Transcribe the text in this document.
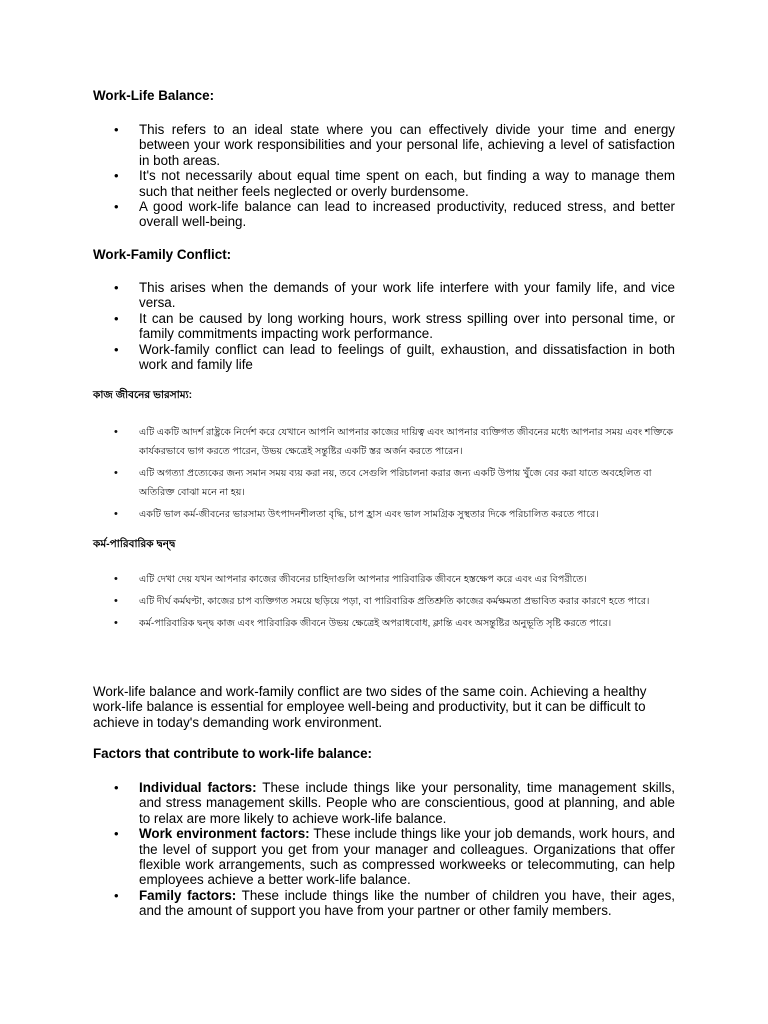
Work-Life Balance:
• This refers to an ideal state where you can effectively divide your time and energy between your work responsibilities and your personal life, achieving a level of satisfaction in both areas.
• It's not necessarily about equal time spent on each, but finding a way to manage them such that neither feels neglected or overly burdensome.
• A good work-life balance can lead to increased productivity, reduced stress, and better overall well-being.
Work-Family Conflict:
• This arises when the demands of your work life interfere with your family life, and vice versa.
• It can be caused by long working hours, work stress spilling over into personal time, or family commitments impacting work performance.
• Work-family conflict can lead to feelings of guilt, exhaustion, and dissatisfaction in both work and family life
কাজ জীবনের ভারসাম্য:
• এটি একটি আদর্শ রাষ্ট্রকে নির্দেশ করে যেখানে আপনি আপনার কাজের দায়িত্ব এবং আপনার ব্যক্তিগত জীবনের মধ্যে আপনার সময় এবং শক্তিকে কার্যকরভাবে ভাগ করতে পারেন, উভয় ক্ষেত্রেই সন্তুষ্টির একটি স্তর অর্জন করতে পারেন।
• এটি অগত্যা প্রত্যেকের জন্য সমান সময় ব্যয় করা নয়, তবে সেগুলি পরিচালনা করার জন্য একটি উপায় খুঁজে বের করা যাতে অবহেলিত বা অতিরিক্ত বোঝা মনে না হয়।
• একটি ভাল কর্ম-জীবনের ভারসাম্য উৎপাদনশীলতা বৃদ্ধি, চাপ হ্রাস এবং ভাল সামগ্রিক সুস্থতার দিকে পরিচালিত করতে পারে।
কর্ম-পারিবারিক দ্বন্দ্ব
• এটি দেখা দেয় যখন আপনার কাজের জীবনের চাহিদাগুলি আপনার পারিবারিক জীবনে হস্তক্ষেপ করে এবং এর বিপরীতে।
• এটি দীর্ঘ কর্মঘণ্টা, কাজের চাপ ব্যক্তিগত সময়ে ছড়িয়ে পড়া, বা পারিবারিক প্রতিশ্রুতি কাজের কর্মক্ষমতা প্রভাবিত করার কারণে হতে পারে।
• কর্ম-পারিবারিক দ্বন্দ্ব কাজ এবং পারিবারিক জীবনে উভয় ক্ষেত্রেই অপরাধবোধ, ক্লান্তি এবং অসন্তুষ্টির অনুভূতি সৃষ্টি করতে পারে।

Work-life balance and work-family conflict are two sides of the same coin. Achieving a healthy work-life balance is essential for employee well-being and productivity, but it can be difficult to achieve in today's demanding work environment.

Factors that contribute to work-life balance:
• Individual factors: These include things like your personality, time management skills, and stress management skills. People who are conscientious, good at planning, and able to relax are more likely to achieve work-life balance.
• Work environment factors: These include things like your job demands, work hours, and the level of support you get from your manager and colleagues. Organizations that offer flexible work arrangements, such as compressed workweeks or telecommuting, can help employees achieve a better work-life balance.
• Family factors: These include things like the number of children you have, their ages, and the amount of support you have from your partner or other family members.
